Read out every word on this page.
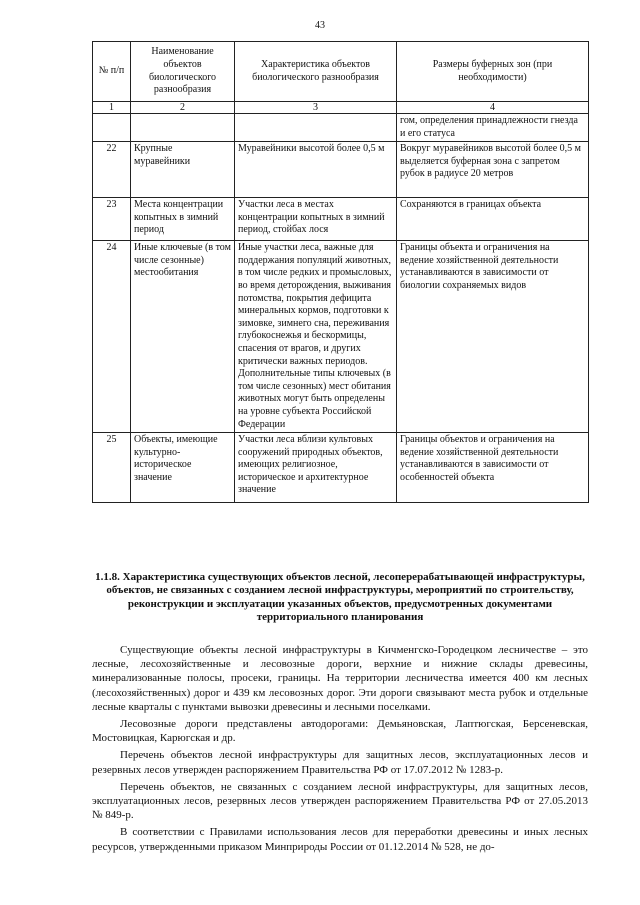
43
№ п/п	Наименование объектов биологического разнообразия	Характеристика объектов биологического разнообразия	Размеры буферных зон (при необходимости)
1	2	3	4
			гом, определения принадлежности гнезда и его статуса
22	Крупные муравейники	Муравейники высотой более 0,5 м	Вокруг муравейников высотой более 0,5 м выделяется буферная зона с запретом рубок в радиусе 20 метров
23	Места концентрации копытных в зимний период	Участки леса в местах концентрации копытных в зимний период, стойбах лося	Сохраняются в границах объекта
24	Иные ключевые (в том числе сезонные) местообитания	Иные участки леса, важные для поддержания популяций животных, в том числе редких и промысловых, во время деторождения, выживания потомства, покрытия дефицита минеральных кормов, подготовки к зимовке, зимнего сна, переживания глубокоснежья и бескормицы, спасения от врагов, и других критически важных периодов. Дополнительные типы ключевых (в том числе сезонных) мест обитания животных могут быть определены на уровне субъекта Российской Федерации	Границы объекта и ограничения на ведение хозяйственной деятельности устанавливаются в зависимости от биологии сохраняемых видов
25	Объекты, имеющие культурно-историческое значение	Участки леса вблизи культовых сооружений природных объектов, имеющих религиозное, историческое и архитектурное значение	Границы объектов и ограничения на ведение хозяйственной деятельности устанавливаются в зависимости от особенностей объекта
1.1.8. Характеристика существующих объектов лесной, лесоперерабатывающей инфраструктуры, объектов, не связанных с созданием лесной инфраструктуры, мероприятий по строительству, реконструкции и эксплуатации указанных объектов, предусмотренных документами территориального планирования

Существующие объекты лесной инфраструктуры в Кичменгско-Городецком лесничестве – это лесные, лесохозяйственные и лесовозные дороги, верхние и нижние склады древесины, минерализованные полосы, просеки, границы. На территории лесничества имеется 400 км лесных (лесохозяйственных) дорог и 439 км лесовозных дорог. Эти дороги связывают места рубок и отдельные лесные кварталы с пунктами вывозки древесины и лесными поселками.

Лесовозные дороги представлены автодорогами: Демьяновская, Лаптюгская, Берсеневская, Мостовицкая, Карюгская и др.

Перечень объектов лесной инфраструктуры для защитных лесов, эксплуатационных лесов и резервных лесов утвержден распоряжением Правительства РФ от 17.07.2012 № 1283-р.

Перечень объектов, не связанных с созданием лесной инфраструктуры, для защитных лесов, эксплуатационных лесов, резервных лесов утвержден распоряжением Правительства РФ от 27.05.2013 № 849-р.

В соответствии с Правилами использования лесов для переработки древесины и иных лесных ресурсов, утвержденными приказом Минприроды России от 01.12.2014 № 528, не до-
